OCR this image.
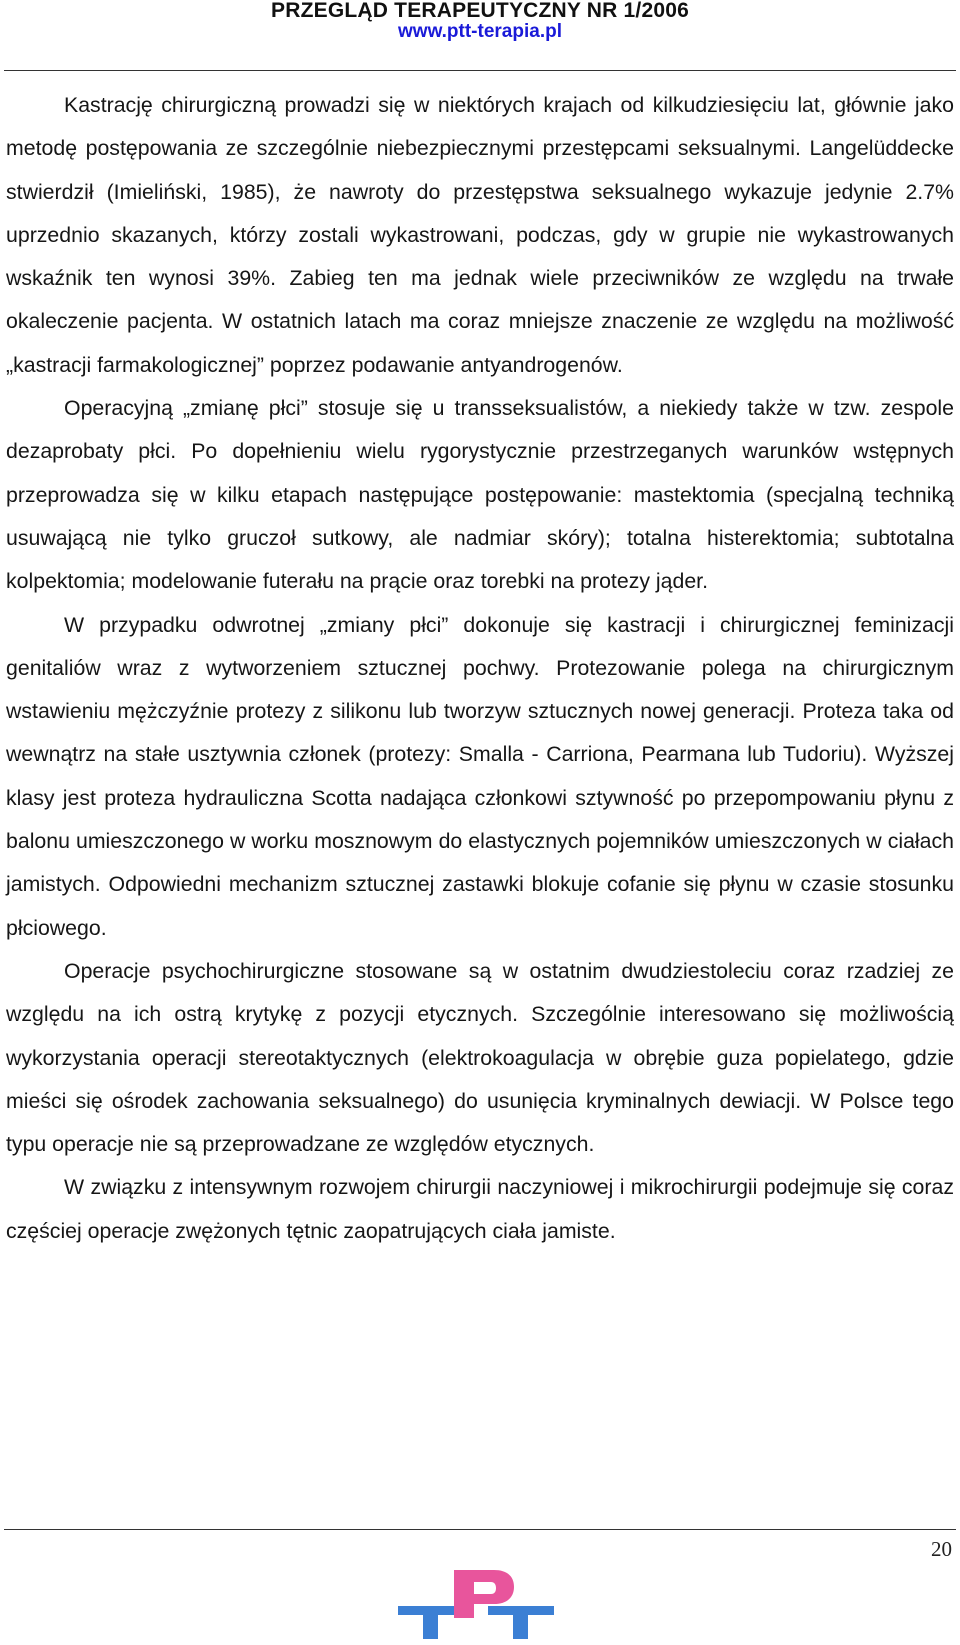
PRZEGLĄD TERAPEUTYCZNY NR 1/2006
www.ptt-terapia.pl

Kastrację chirurgiczną prowadzi się w niektórych krajach od kilkudziesięciu lat, głównie jako metodę postępowania ze szczególnie niebezpiecznymi przestępcami seksualnymi. Langelüddecke stwierdził (Imieliński, 1985), że nawroty do przestępstwa seksualnego wykazuje jedynie 2.7% uprzednio skazanych, którzy zostali wykastrowani, podczas, gdy w grupie nie wykastrowanych wskaźnik ten wynosi 39%. Zabieg ten ma jednak wiele przeciwników ze względu na trwałe okaleczenie pacjenta. W ostatnich latach ma coraz mniejsze znaczenie ze względu na możliwość „kastracji farmakologicznej” poprzez podawanie antyandrogenów.

Operacyjną „zmianę płci” stosuje się u transseksualistów, a niekiedy także w tzw. zespole dezaprobaty płci. Po dopełnieniu wielu rygorystycznie przestrzeganych warunków wstępnych przeprowadza się w kilku etapach następujące postępowanie: mastektomia (specjalną techniką usuwającą nie tylko gruczoł sutkowy, ale nadmiar skóry); totalna histerektomia; subtotalna kolpektomia; modelowanie futerału na prącie oraz torebki na protezy jąder.

W przypadku odwrotnej „zmiany płci” dokonuje się kastracji i chirurgicznej feminizacji genitaliów wraz z wytworzeniem sztucznej pochwy. Protezowanie polega na chirurgicznym wstawieniu mężczyźnie protezy z silikonu lub tworzyw sztucznych nowej generacji. Proteza taka od wewnątrz na stałe usztywnia członek (protezy: Smalla - Carriona, Pearmana lub Tudoriu). Wyższej klasy jest proteza hydrauliczna Scotta nadająca członkowi sztywność po przepompowaniu płynu z balonu umieszczonego w worku mosznowym do elastycznych pojemników umieszczonych w ciałach jamistych. Odpowiedni mechanizm sztucznej zastawki blokuje cofanie się płynu w czasie stosunku płciowego.

Operacje psychochirurgiczne stosowane są w ostatnim dwudziestoleciu coraz rzadziej ze względu na ich ostrą krytykę z pozycji etycznych. Szczególnie interesowano się możliwością wykorzystania operacji stereotaktycznych (elektrokoagulacja w obrębie guza popielatego, gdzie mieści się ośrodek zachowania seksualnego) do usunięcia kryminalnych dewiacji. W Polsce tego typu operacje nie są przeprowadzane ze względów etycznych.

W związku z intensywnym rozwojem chirurgii naczyniowej i mikrochirurgii podejmuje się coraz częściej operacje zwężonych tętnic zaopatrujących ciała jamiste.

20
